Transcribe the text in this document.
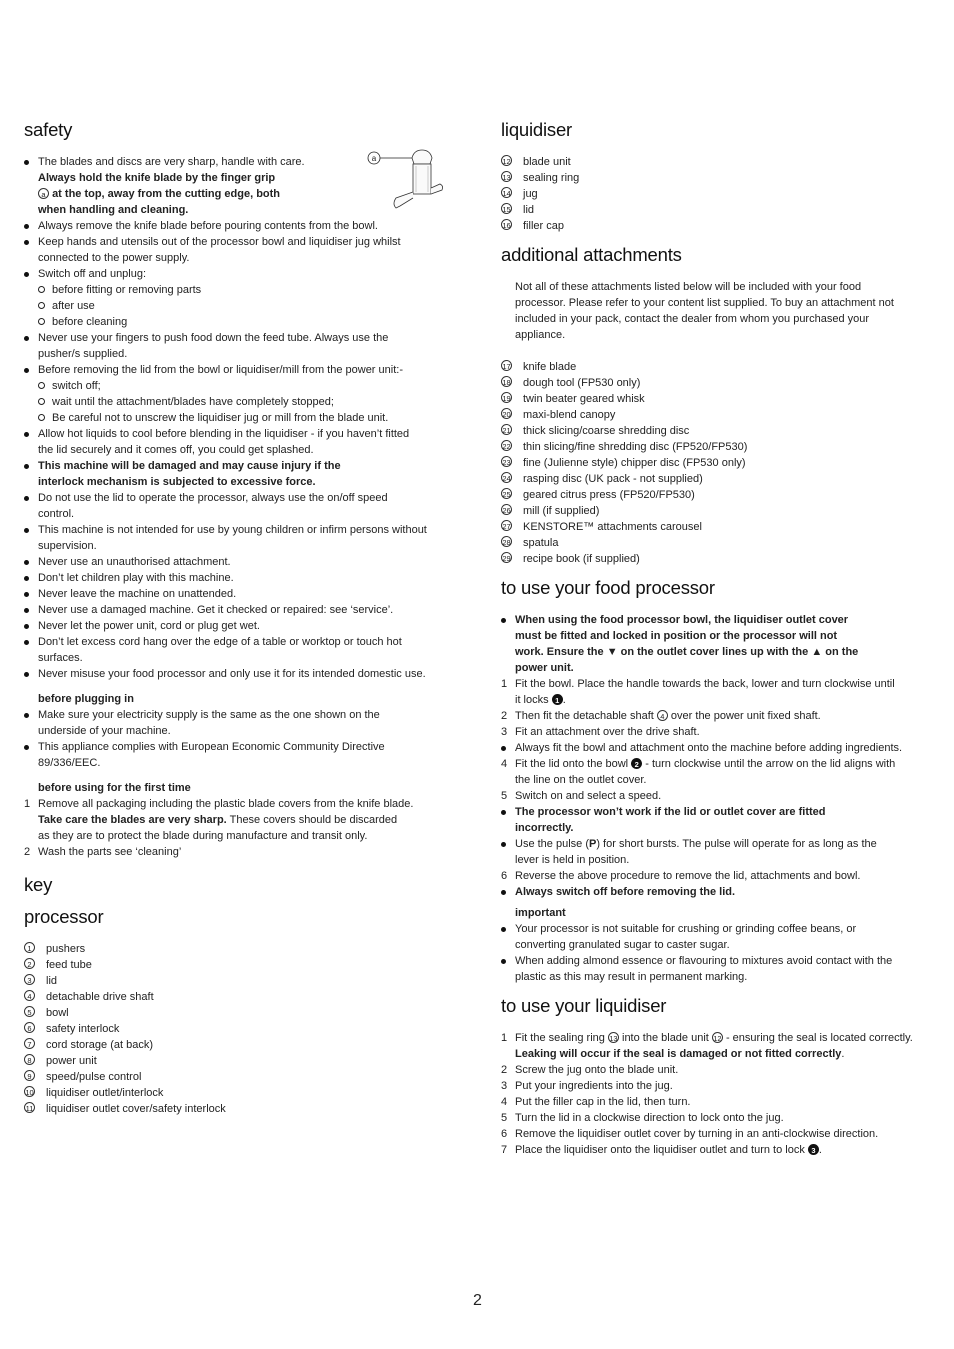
safety
The blades and discs are very sharp, handle with care.
Always hold the knife blade by the finger grip
a at the top, away from the cutting edge, both
when handling and cleaning.
Always remove the knife blade before pouring contents from the bowl.
Keep hands and utensils out of the processor bowl and liquidiser jug whilst
connected to the power supply.
Switch off and unplug:
before fitting or removing parts
after use
before cleaning
Never use your fingers to push food down the feed tube. Always use the
pusher/s supplied.
Before removing the lid from the bowl or liquidiser/mill from the power unit:-
switch off;
wait until the attachment/blades have completely stopped;
Be careful not to unscrew the liquidiser jug or mill from the blade unit.
Allow hot liquids to cool before blending in the liquidiser - if you haven’t fitted
the lid securely and it comes off, you could get splashed.
This machine will be damaged and may cause injury if the
interlock mechanism is subjected to excessive force.
Do not use the lid to operate the processor, always use the on/off speed
control.
This machine is not intended for use by young children or infirm persons without
supervision.
Never use an unauthorised attachment.
Don’t let children play with this machine.
Never leave the machine on unattended.
Never use a damaged machine. Get it checked or repaired: see ‘service’.
Never let the power unit, cord or plug get wet.
Don’t let excess cord hang over the edge of a table or worktop or touch hot
surfaces.
Never misuse your food processor and only use it for its intended domestic use.
before plugging in
Make sure your electricity supply is the same as the one shown on the
underside of your machine.
This appliance complies with European Economic Community Directive
89/336/EEC.
before using for the first time
1 Remove all packaging including the plastic blade covers from the knife blade.
Take care the blades are very sharp. These covers should be discarded
as they are to protect the blade during manufacture and transit only.
2 Wash the parts see ‘cleaning’
key
processor
1	pushers
2	feed tube
3	lid
4	detachable drive shaft
5	bowl
6	safety interlock
7	cord storage (at back)
8	power unit
9	speed/pulse control
10 liquidiser outlet/interlock
11 liquidiser outlet cover/safety interlock
a
liquidiser
12 blade unit
13 sealing ring
14 jug
15 lid
16 filler cap
additional attachments
Not all of these attachments listed below will be included with your food
processor. Please refer to your content list supplied. To buy an attachment not
included in your pack, contact the dealer from whom you purchased your
appliance.
17 knife blade
18 dough tool (FP530 only)
19 twin beater geared whisk
20 maxi-blend canopy
21 thick slicing/coarse shredding disc
22 thin slicing/fine shredding disc (FP520/FP530)
23 fine (Julienne style) chipper disc (FP530 only)
24 rasping disc (UK pack - not supplied)
25 geared citrus press (FP520/FP530)
26 mill (if supplied)
27 KENSTORE™ attachments carousel
28 spatula
29 recipe book (if supplied)
to use your food processor
When using the food processor bowl, the liquidiser outlet cover
must be fitted and locked in position or the processor will not
work. Ensure the ▼ on the outlet cover lines up with the ▲ on the
power unit.
1 Fit the bowl. Place the handle towards the back, lower and turn clockwise until
it locks 1 .
2 Then fit the detachable shaft 4 over the power unit fixed shaft.
3 Fit an attachment over the drive shaft.
Always fit the bowl and attachment onto the machine before adding ingredients.
4 Fit the lid onto the bowl 2 - turn clockwise until the arrow on the lid aligns with
the line on the outlet cover.
5 Switch on and select a speed.
The processor won’t work if the lid or outlet cover are fitted
incorrectly.
Use the pulse (P) for short bursts. The pulse will operate for as long as the
lever is held in position.
6 Reverse the above procedure to remove the lid, attachments and bowl.
Always switch off before removing the lid.
important
Your processor is not suitable for crushing or grinding coffee beans, or
converting granulated sugar to caster sugar.
When adding almond essence or flavouring to mixtures avoid contact with the
plastic as this may result in permanent marking.
to use your liquidiser
1 Fit the sealing ring 13 into the blade unit 12 - ensuring the seal is located correctly.
Leaking will occur if the seal is damaged or not fitted correctly.
2 Screw the jug onto the blade unit.
3 Put your ingredients into the jug.
4 Put the filler cap in the lid, then turn.
5 Turn the lid in a clockwise direction to lock onto the jug.
6 Remove the liquidiser outlet cover by turning in an anti-clockwise direction.
7 Place the liquidiser onto the liquidiser outlet and turn to lock 3 .
2
